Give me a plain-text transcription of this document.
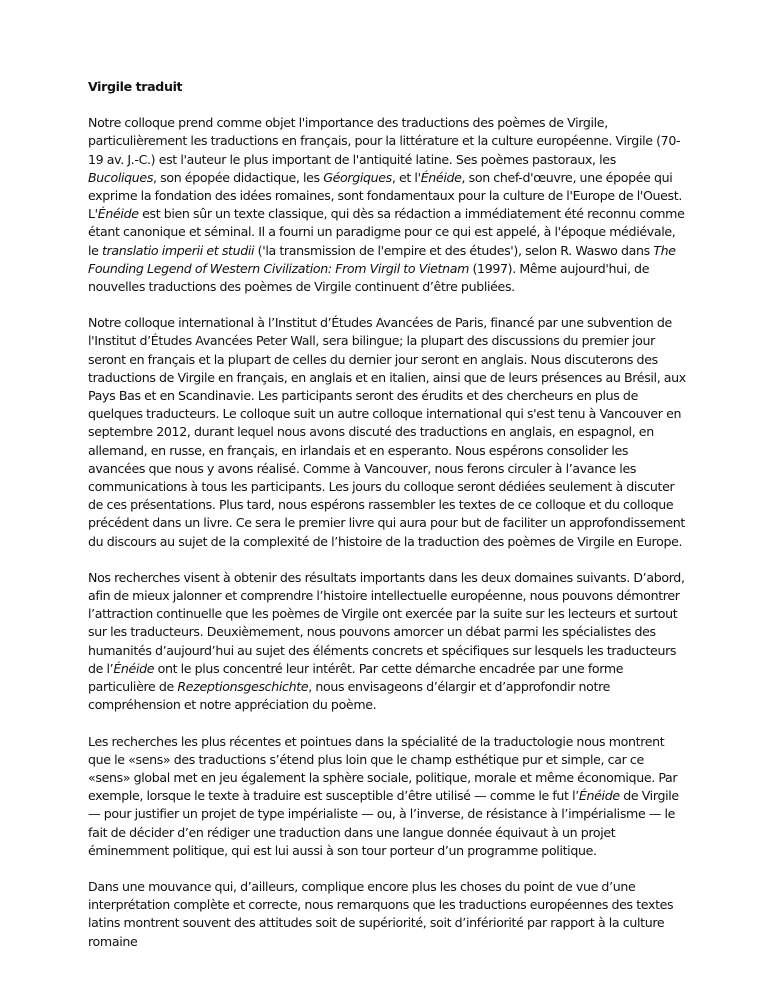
Virgile traduit

Notre colloque prend comme objet l'importance des traductions des poèmes de Virgile, particulièrement les traductions en français, pour la littérature et la culture européenne. Virgile (70-19 av. J.-C.) est l'auteur le plus important de l'antiquité latine. Ses poèmes pastoraux, les Bucoliques, son épopée didactique, les Géorgiques, et l'Énéide, son chef-d'œuvre, une épopée qui exprime la fondation des idées romaines, sont fondamentaux pour la culture de l'Europe de l'Ouest. L'Énéide est bien sûr un texte classique, qui dès sa rédaction a immédiatement été reconnu comme étant canonique et séminal. Il a fourni un paradigme pour ce qui est appelé, à l'époque médiévale, le translatio imperii et studii ('la transmission de l'empire et des études'), selon R. Waswo dans The Founding Legend of Western Civilization: From Virgil to Vietnam (1997). Même aujourd'hui, de nouvelles traductions des poèmes de Virgile continuent d’être publiées.

Notre colloque international à l’Institut d’Études Avancées de Paris, financé par une subvention de l'Institut d’Études Avancées Peter Wall, sera bilingue; la plupart des discussions du premier jour seront en français et la plupart de celles du dernier jour seront en anglais. Nous discuterons des traductions de Virgile en français, en anglais et en italien, ainsi que de leurs présences au Brésil, aux Pays Bas et en Scandinavie. Les participants seront des érudits et des chercheurs en plus de quelques traducteurs. Le colloque suit un autre colloque international qui s'est tenu à Vancouver en septembre 2012, durant lequel nous avons discuté des traductions en anglais, en espagnol, en allemand, en russe, en français, en irlandais et en esperanto. Nous espérons consolider les avancées que nous y avons réalisé. Comme à Vancouver, nous ferons circuler à l’avance les communications à tous les participants. Les jours du colloque seront dédiées seulement à discuter de ces présentations. Plus tard, nous espérons rassembler les textes de ce colloque et du colloque précédent dans un livre. Ce sera le premier livre qui aura pour but de faciliter un approfondissement du discours au sujet de la complexité de l’histoire de la traduction des poèmes de Virgile en Europe.

Nos recherches visent à obtenir des résultats importants dans les deux domaines suivants. D’abord, afin de mieux jalonner et comprendre l’histoire intellectuelle européenne, nous pouvons démontrer l’attraction continuelle que les poèmes de Virgile ont exercée par la suite sur les lecteurs et surtout sur les traducteurs. Deuxièmement, nous pouvons amorcer un débat parmi les spécialistes des humanités d’aujourd’hui au sujet des éléments concrets et spécifiques sur lesquels les traducteurs de l’Énéide ont le plus concentré leur intérêt. Par cette démarche encadrée par une forme particulière de Rezeptionsgeschichte, nous envisageons d’élargir et d’approfondir notre compréhension et notre appréciation du poème.

Les recherches les plus récentes et pointues dans la spécialité de la traductologie nous montrent que le «sens» des traductions s’étend plus loin que le champ esthétique pur et simple, car ce «sens» global met en jeu également la sphère sociale, politique, morale et même économique. Par exemple, lorsque le texte à traduire est susceptible d’être utilisé — comme le fut l’Énéide de Virgile — pour justifier un projet de type impérialiste — ou, à l’inverse, de résistance à l’impérialisme — le fait de décider d’en rédiger une traduction dans une langue donnée équivaut à un projet éminemment politique, qui est lui aussi à son tour porteur d’un programme politique.

Dans une mouvance qui, d’ailleurs, complique encore plus les choses du point de vue d’une interprétation complète et correcte, nous remarquons que les traductions européennes des textes latins montrent souvent des attitudes soit de supériorité, soit d’infériorité par rapport à la culture romaine
